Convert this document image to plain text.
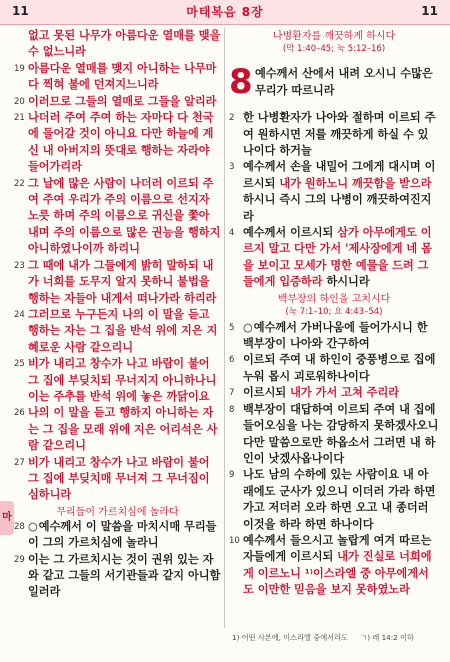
11	마태복음 8장	11

없고 못된 나무가 아름다운 열매를 맺을 수 없느니라

19 아름다운 열매를 맺지 아니하는 나무마다 찍혀 불에 던져지느니라

20 이러므로 그들의 열매로 그들을 알리라

21 나더러 주여 주여 하는 자마다 다 천국에 들어갈 것이 아니요 다만 하늘에 계신 내 아버지의 뜻대로 행하는 자라야 들어가리라

22 그 날에 많은 사람이 나더러 이르되 주여 주여 우리가 주의 이름으로 선지자 노릇 하며 주의 이름으로 귀신을 쫓아 내며 주의 이름으로 많은 권능을 행하지 아니하였나이까 하리니

23 그 때에 내가 그들에게 밝히 말하되 내가 너희를 도무지 알지 못하니 불법을 행하는 자들아 내게서 떠나가라 하리라

24 그러므로 누구든지 나의 이 말을 듣고 행하는 자는 그 집을 반석 위에 지은 지혜로운 사람 같으리니

25 비가 내리고 창수가 나고 바람이 불어 그 집에 부딪치되 무너지지 아니하나니 이는 주추를 반석 위에 놓은 까닭이요

26 나의 이 말을 듣고 행하지 아니하는 자는 그 집을 모래 위에 지은 어리석은 사람 같으리니

27 비가 내리고 창수가 나고 바람이 불어 그 집에 부딪치매 무너져 그 무너짐이 심하니라

무리들이 가르치심에 놀라다

28 ○예수께서 이 말씀을 마치시매 무리들이 그의 가르치심에 놀라니

29 이는 그 가르치시는 것이 권위 있는 자와 같고 그들의 서기관들과 같지 아니함일러라

나병환자를 깨끗하게 하시다
(막 1:40–45; 눅 5:12–16)

8 예수께서 산에서 내려 오시니 수많은 무리가 따르니라

2 한 나병환자가 나아와 절하며 이르되 주여 원하시면 저를 깨끗하게 하실 수 있나이다 하거늘

3 예수께서 손을 내밀어 그에게 대시며 이르시되 내가 원하노니 깨끗함을 받으라 하시니 즉시 그의 나병이 깨끗하여진지라

4 예수께서 이르시되 삼가 아무에게도 이르지 말고 다만 가서 '제사장에게 네 몸을 보이고 모세가 명한 예물을 드려 그들에게 입증하라 하시니라

백부장의 하인을 고치시다
(눅 7:1–10; 요 4:43–54)

5 ○예수께서 가버나움에 들어가시니 한 백부장이 나아와 간구하여

6 이르되 주여 내 하인이 중풍병으로 집에 누워 몹시 괴로워하나이다

7 이르시되 내가 가서 고쳐 주리라

8 백부장이 대답하여 이르되 주여 내 집에 들어오심을 나는 감당하지 못하겠사오니 다만 말씀으로만 하옵소서 그러면 내 하인이 낫겠사옵나이다

9 나도 남의 수하에 있는 사람이요 내 아래에도 군사가 있으니 이더러 가라 하면 가고 저더러 오라 하면 오고 내 종더러 이것을 하라 하면 하나이다

10 예수께서 들으시고 놀랍게 여겨 따르는 자들에게 이르시되 내가 진실로 너희에게 이르노니 ¹⁾이스라엘 중 아무에게서도 이만한 믿음을 보지 못하였노라

마
1) 어떤 사본에, 이스라엘 중에서라도 ㄱ) 레 14:2 이하
